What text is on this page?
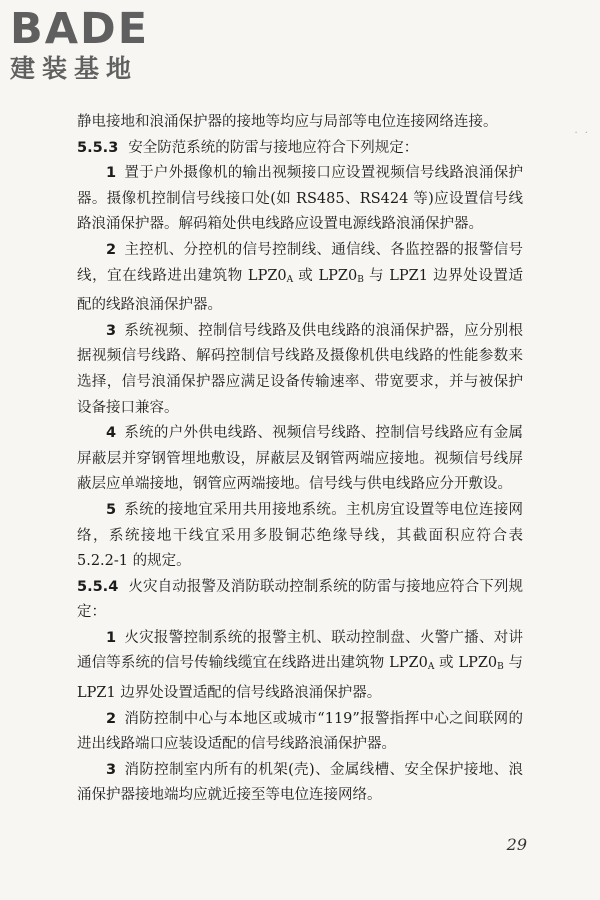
BADE
建装基地
· ·

静电接地和浪涌保护器的接地等均应与局部等电位连接网络连接。

5.5.3 安全防范系统的防雷与接地应符合下列规定：

1 置于户外摄像机的输出视频接口应设置视频信号线路浪涌保护器。摄像机控制信号线接口处(如 RS485、RS424 等)应设置信号线路浪涌保护器。解码箱处供电线路应设置电源线路浪涌保护器。

2 主控机、分控机的信号控制线、通信线、各监控器的报警信号线，宜在线路进出建筑物 $LPZ0_A$ 或 $LPZ0_B$ 与 LPZ1 边界处设置适配的线路浪涌保护器。

3 系统视频、控制信号线路及供电线路的浪涌保护器，应分别根据视频信号线路、解码控制信号线路及摄像机供电线路的性能参数来选择，信号浪涌保护器应满足设备传输速率、带宽要求，并与被保护设备接口兼容。

4 系统的户外供电线路、视频信号线路、控制信号线路应有金属屏蔽层并穿钢管埋地敷设，屏蔽层及钢管两端应接地。视频信号线屏蔽层应单端接地，钢管应两端接地。信号线与供电线路应分开敷设。

5 系统的接地宜采用共用接地系统。主机房宜设置等电位连接网络，系统接地干线宜采用多股铜芯绝缘导线，其截面积应符合表 5.2.2-1 的规定。

5.5.4 火灾自动报警及消防联动控制系统的防雷与接地应符合下列规定：

1 火灾报警控制系统的报警主机、联动控制盘、火警广播、对讲通信等系统的信号传输线缆宜在线路进出建筑物 $LPZ0_A$ 或 $LPZ0_B$ 与 LPZ1 边界处设置适配的信号线路浪涌保护器。

2 消防控制中心与本地区或城市“119”报警指挥中心之间联网的进出线路端口应装设适配的信号线路浪涌保护器。

3 消防控制室内所有的机架(壳)、金属线槽、安全保护接地、浪涌保护器接地端均应就近接至等电位连接网络。

29
